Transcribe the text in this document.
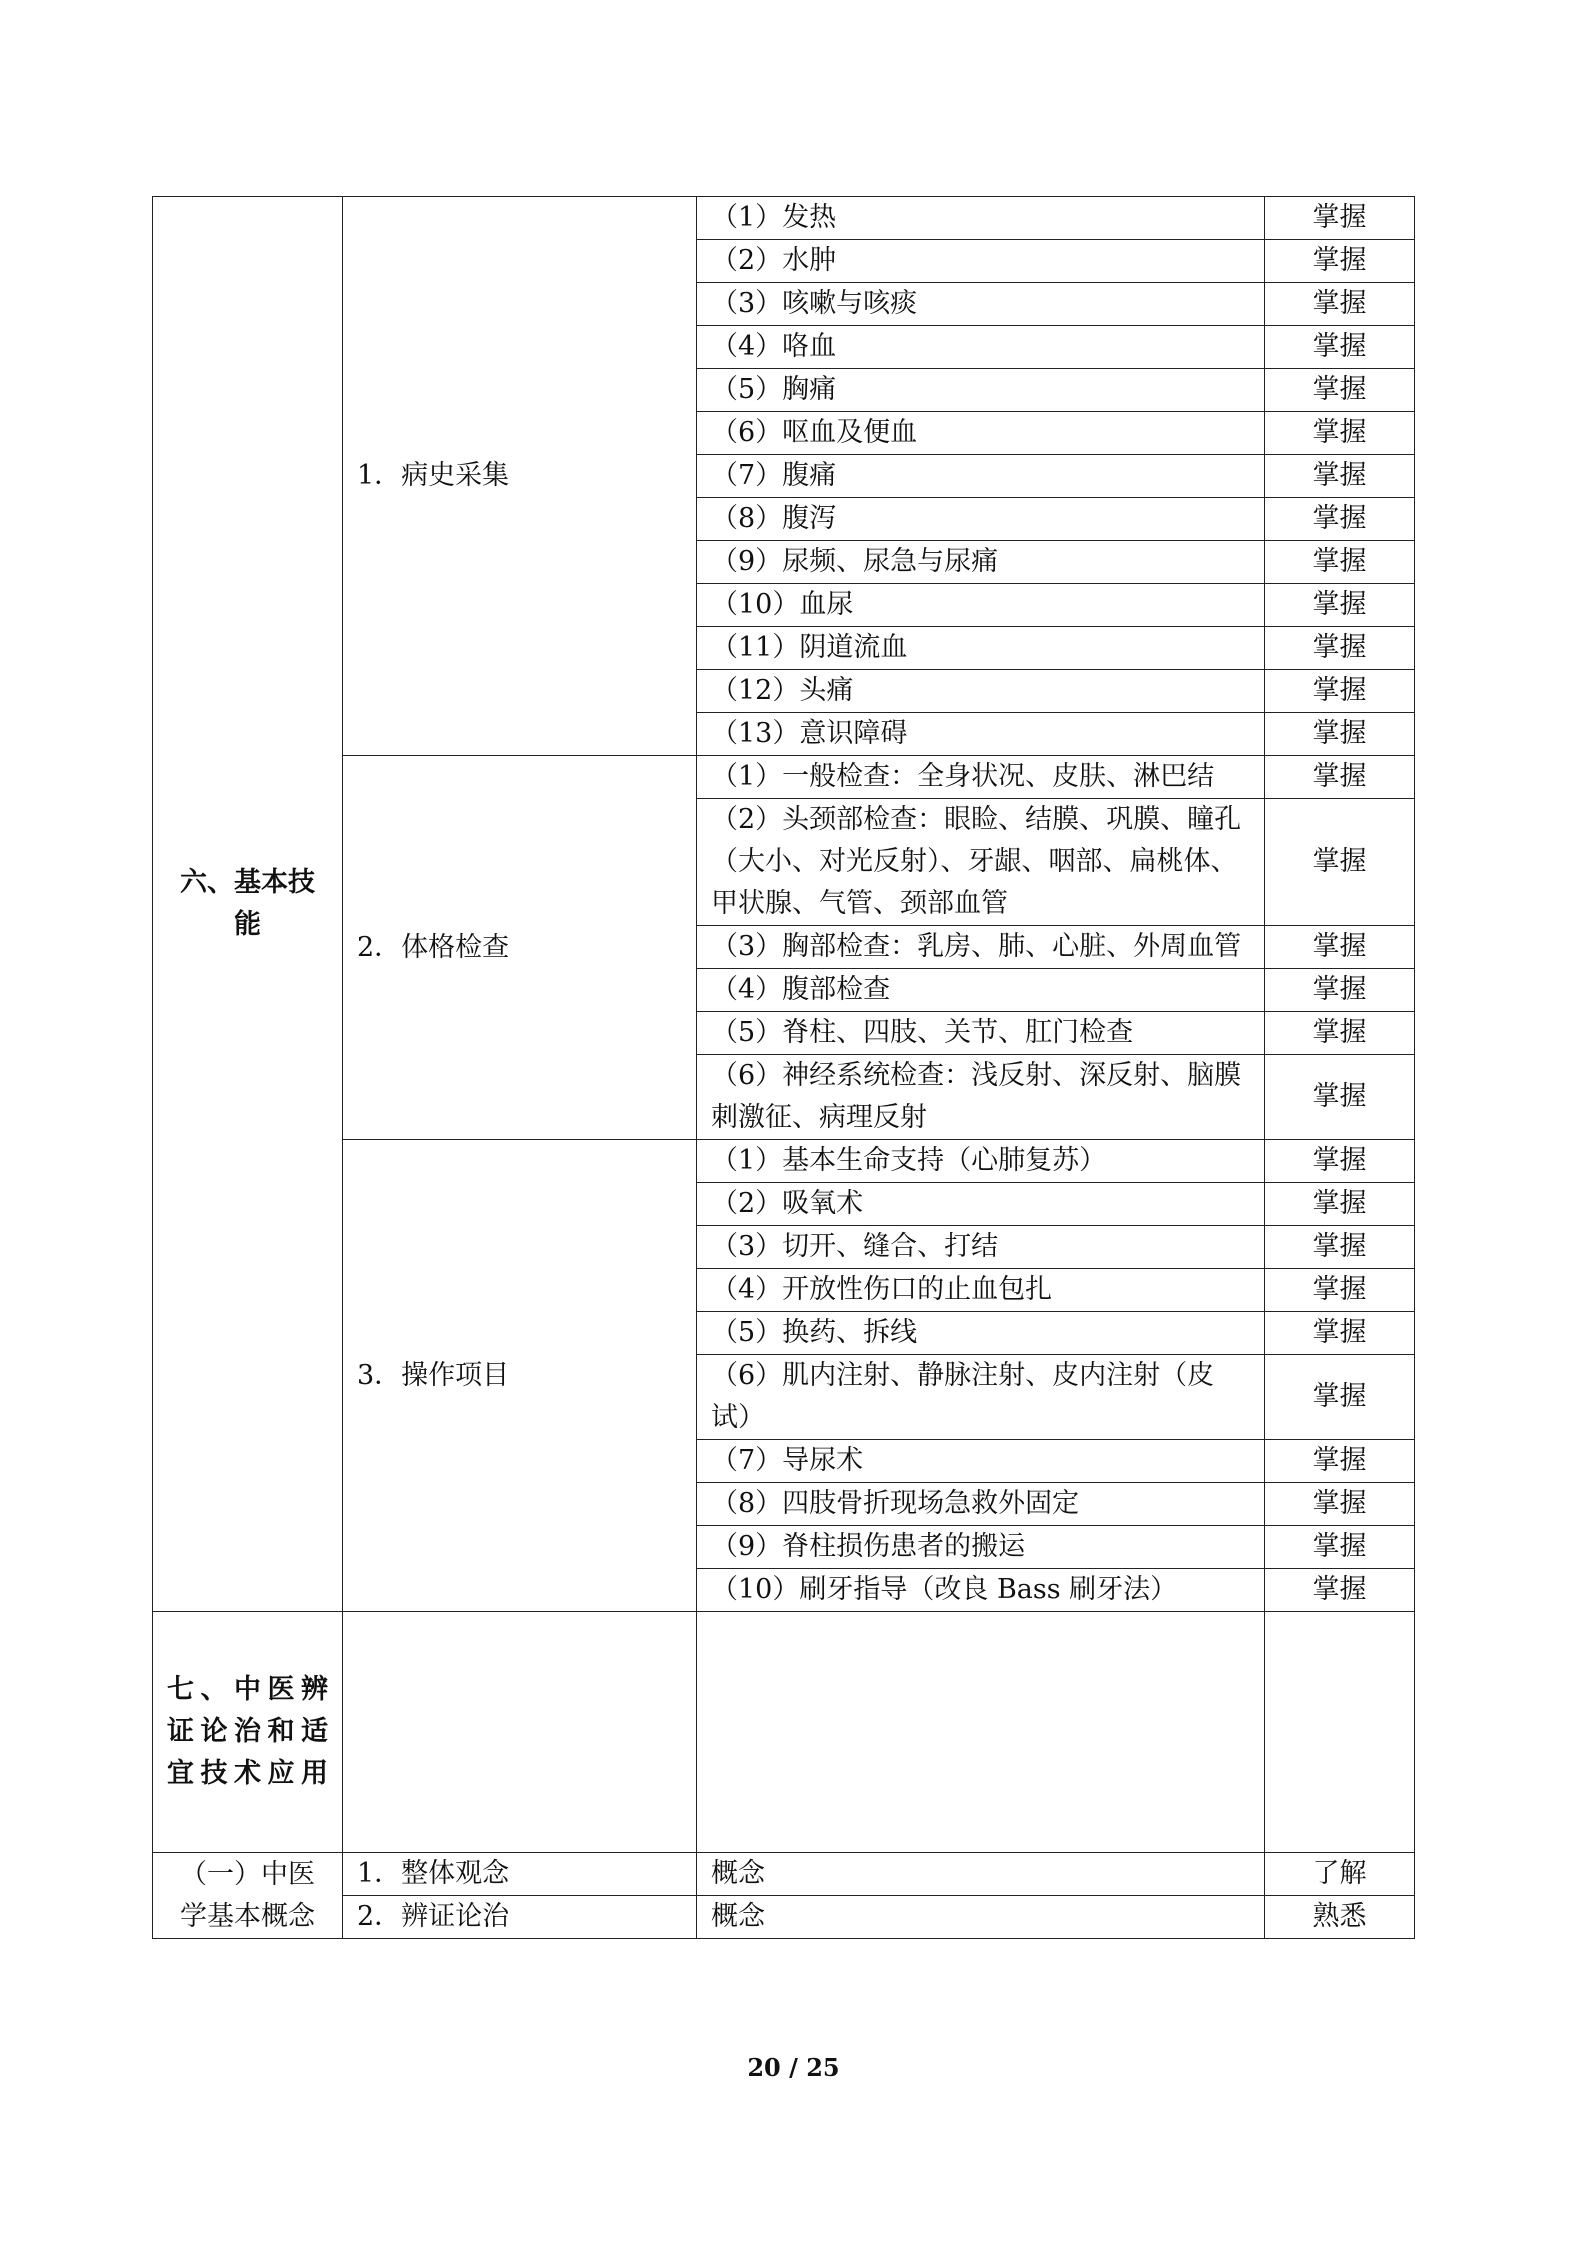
六、基本技能	1．病史采集	（1）发热	掌握
		（2）水肿	掌握
		（3）咳嗽与咳痰	掌握
		（4）咯血	掌握
		（5）胸痛	掌握
		（6）呕血及便血	掌握
		（7）腹痛	掌握
		（8）腹泻	掌握
		（9）尿频、尿急与尿痛	掌握
		（10）血尿	掌握
		（11）阴道流血	掌握
		（12）头痛	掌握
		（13）意识障碍	掌握
	2．体格检查	（1）一般检查：全身状况、皮肤、淋巴结	掌握
		（2）头颈部检查：眼睑、结膜、巩膜、瞳孔（大小、对光反射）、牙龈、咽部、扁桃体、甲状腺、气管、颈部血管	掌握
		（3）胸部检查：乳房、肺、心脏、外周血管	掌握
		（4）腹部检查	掌握
		（5）脊柱、四肢、关节、肛门检查	掌握
		（6）神经系统检查：浅反射、深反射、脑膜刺激征、病理反射	掌握
	3．操作项目	（1）基本生命支持（心肺复苏）	掌握
		（2）吸氧术	掌握
		（3）切开、缝合、打结	掌握
		（4）开放性伤口的止血包扎	掌握
		（5）换药、拆线	掌握
		（6）肌内注射、静脉注射、皮内注射（皮试）	掌握
		（7）导尿术	掌握
		（8）四肢骨折现场急救外固定	掌握
		（9）脊柱损伤患者的搬运	掌握
		（10）刷牙指导（改良 Bass 刷牙法）	掌握
七、中医辨证论治和适宜技术应用			
（一）中医学基本概念	1．整体观念	概念	了解
	2．辨证论治	概念	熟悉
20 / 25
